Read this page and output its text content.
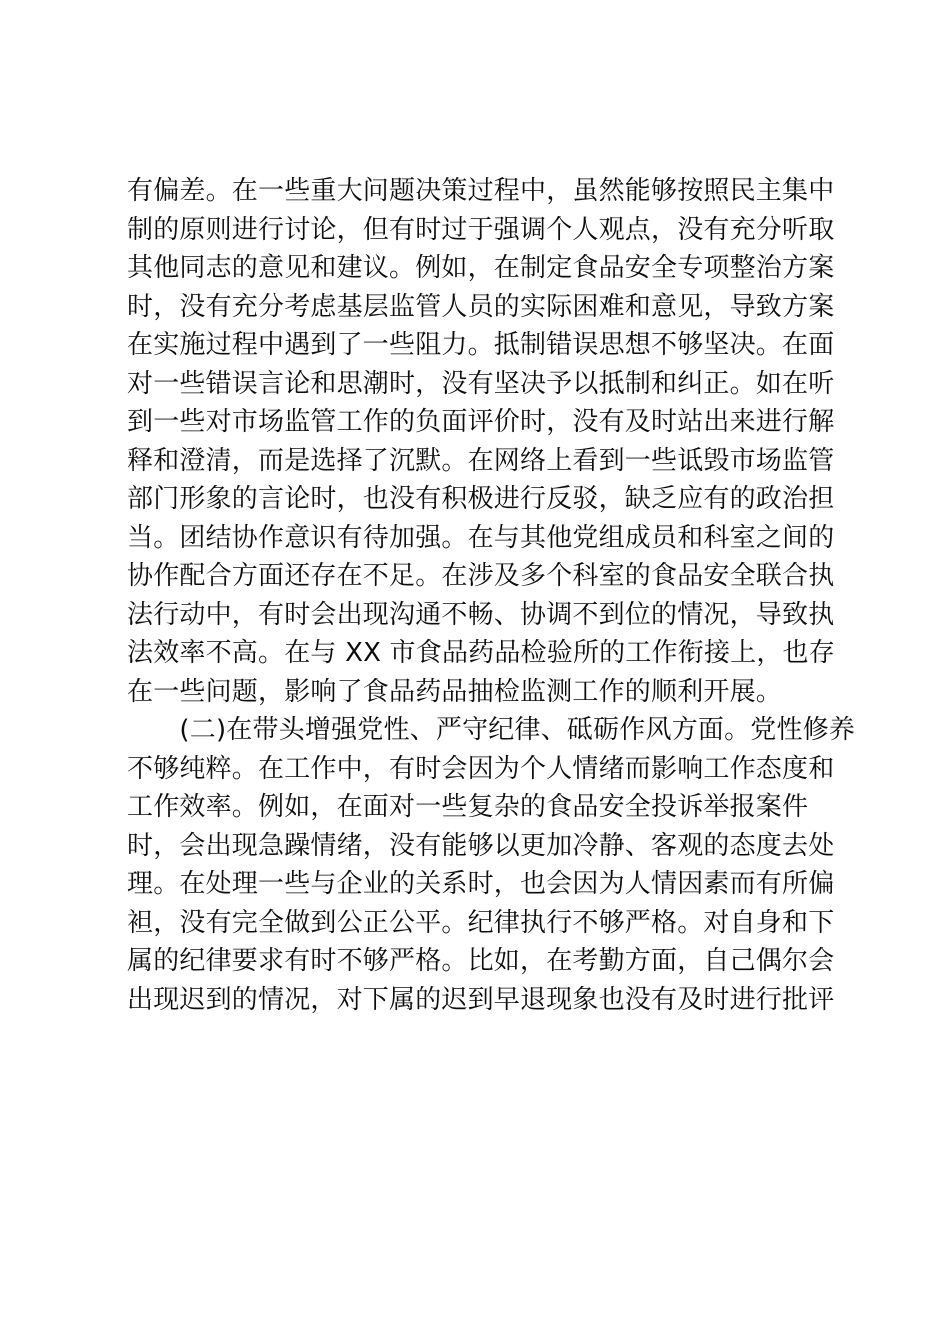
有偏差。在一些重大问题决策过程中，虽然能够按照民主集中
制的原则进行讨论，但有时过于强调个人观点，没有充分听取
其他同志的意见和建议。例如，在制定食品安全专项整治方案
时，没有充分考虑基层监管人员的实际困难和意见，导致方案
在实施过程中遇到了一些阻力。抵制错误思想不够坚决。在面
对一些错误言论和思潮时，没有坚决予以抵制和纠正。如在听
到一些对市场监管工作的负面评价时，没有及时站出来进行解
释和澄清，而是选择了沉默。在网络上看到一些诋毁市场监管
部门形象的言论时，也没有积极进行反驳，缺乏应有的政治担
当。团结协作意识有待加强。在与其他党组成员和科室之间的
协作配合方面还存在不足。在涉及多个科室的食品安全联合执
法行动中，有时会出现沟通不畅、协调不到位的情况，导致执
法效率不高。在与 XX 市食品药品检验所的工作衔接上，也存
在一些问题，影响了食品药品抽检监测工作的顺利开展。
　　(二)在带头增强党性、严守纪律、砥砺作风方面。党性修养
不够纯粹。在工作中，有时会因为个人情绪而影响工作态度和
工作效率。例如，在面对一些复杂的食品安全投诉举报案件
时，会出现急躁情绪，没有能够以更加冷静、客观的态度去处
理。在处理一些与企业的关系时，也会因为人情因素而有所偏
袒，没有完全做到公正公平。纪律执行不够严格。对自身和下
属的纪律要求有时不够严格。比如，在考勤方面，自己偶尔会
出现迟到的情况，对下属的迟到早退现象也没有及时进行批评
